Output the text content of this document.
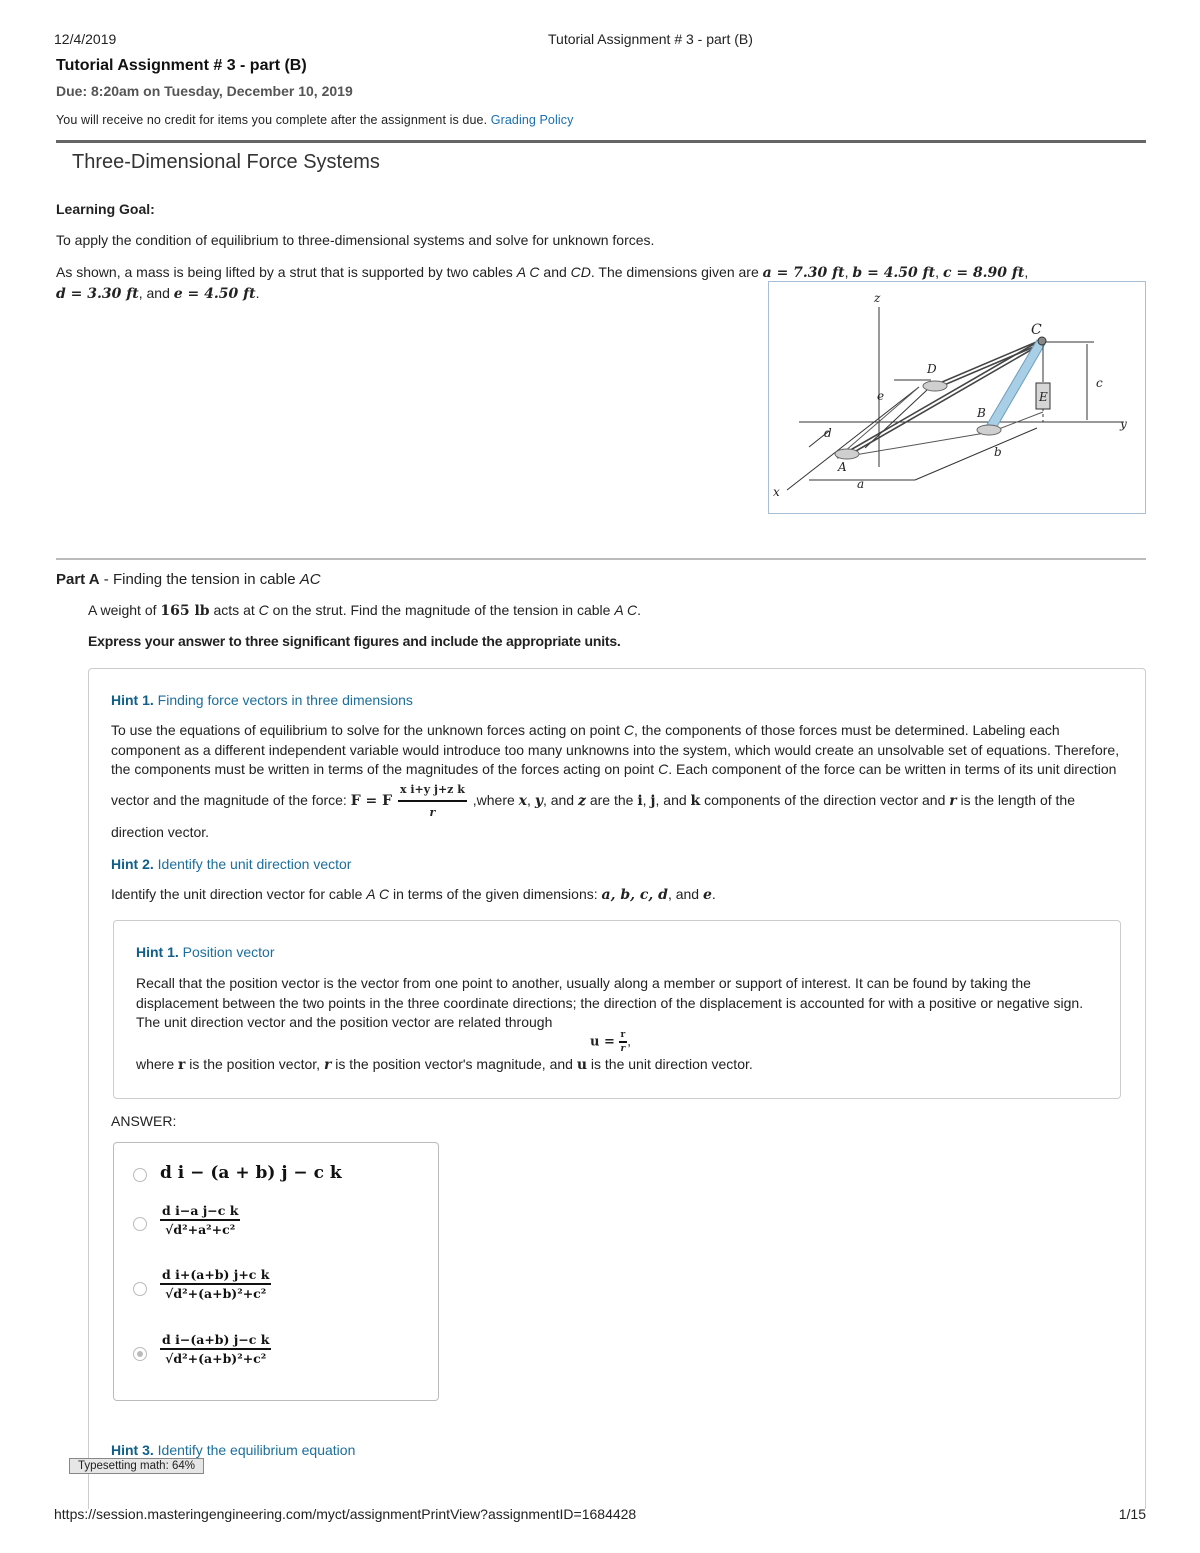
12/4/2019	Tutorial Assignment # 3 - part (B)
Tutorial Assignment # 3 - part (B)
Due: 8:20am on Tuesday, December 10, 2019
You will receive no credit for items you complete after the assignment is due. Grading Policy
Three-Dimensional Force Systems
Learning Goal:
To apply the condition of equilibrium to three-dimensional systems and solve for unknown forces.
As shown, a mass is being lifted by a strut that is supported by two cables A C and CD. The dimensions given are a = 7.30 ft, b = 4.50 ft, c = 8.90 ft,
d = 3.30 ft, and e = 4.50 ft.	z
y
x
A
B
C
D
E
a
b
c
d
e
Part A - Finding the tension in cable AC
A weight of 165 lb acts at C on the strut. Find the magnitude of the tension in cable A C.
Express your answer to three significant figures and include the appropriate units.
Hint 1. Finding force vectors in three dimensions
To use the equations of equilibrium to solve for the unknown forces acting on point C, the components of those forces must be determined. Labeling each component as a different independent variable would introduce too many unknowns into the system, which would create an unsolvable set of equations. Therefore, the components must be written in terms of the magnitudes of the forces acting on point C. Each component of the force can be written in terms of its unit direction vector and the magnitude of the force: F = F $\frac{\text{x i+y j+z k}}{r}$ ,where x, y, and z are the i, j, and k components of the direction vector and r is the length of the direction vector.
Hint 2. Identify the unit direction vector
Identify the unit direction vector for cable A C in terms of the given dimensions: a, b, c, d, and e.
Hint 1. Position vector
Recall that the position vector is the vector from one point to another, usually along a member or support of interest. It can be found by taking the displacement between the two points in the three coordinate directions; the direction of the displacement is accounted for with a positive or negative sign. The unit direction vector and the position vector are related through
$u = \frac{r}{r}$ ,
where r is the position vector, r is the position vector's magnitude, and u is the unit direction vector.
ANSWER:
d i − (a + b) j − c k
$\frac{\text{d i−a j−c k}}{\text{√d²+a²+c²}}$
$\frac{\text{d i+(a+b) j+c k}}{\text{√d²+(a+b)²+c²}}$
$\frac{\text{d i−(a+b) j−c k}}{\text{√d²+(a+b)²+c²}}$
Hint 3. Identify the equilibrium equation
Typesetting math: 64%
https://session.masteringengineering.com/myct/assignmentPrintView?assignmentID=1684428	1/15
